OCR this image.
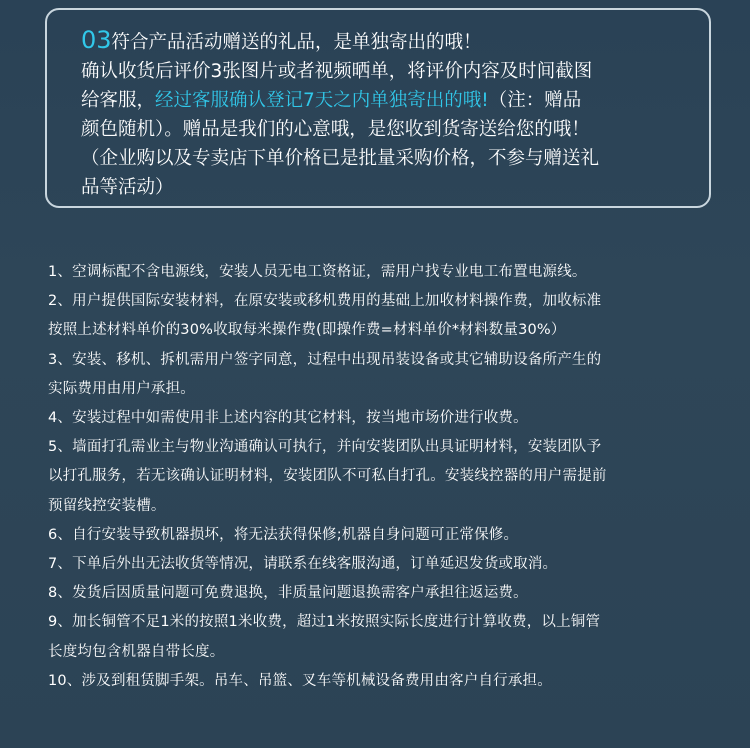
03符合产品活动赠送的礼品，是单独寄出的哦！
确认收货后评价3张图片或者视频晒单，将评价内容及时间截图
给客服，经过客服确认登记7天之内单独寄出的哦!（注：赠品
颜色随机）。赠品是我们的心意哦，是您收到货寄送给您的哦！
（企业购以及专卖店下单价格已是批量采购价格，不参与赠送礼
品等活动）
1、空调标配不含电源线，安装人员无电工资格证，需用户找专业电工布置电源线。
2、用户提供国际安装材料，在原安装或移机费用的基础上加收材料操作费，加收标准
按照上述材料单价的30%收取每米操作费(即操作费=材料单价*材料数量30%）
3、安装、移机、拆机需用户签字同意，过程中出现吊装设备或其它辅助设备所产生的
实际费用由用户承担。
4、安装过程中如需使用非上述内容的其它材料，按当地市场价进行收费。
5、墙面打孔需业主与物业沟通确认可执行，并向安装团队出具证明材料，安装团队予
以打孔服务，若无该确认证明材料，安装团队不可私自打孔。安装线控器的用户需提前
预留线控安装槽。
6、自行安装导致机器损坏，将无法获得保修;机器自身问题可正常保修。
7、下单后外出无法收货等情况，请联系在线客服沟通，订单延迟发货或取消。
8、发货后因质量问题可免费退换，非质量问题退换需客户承担往返运费。
9、加长铜管不足1米的按照1米收费，超过1米按照实际长度进行计算收费，以上铜管
长度均包含机器自带长度。
10、涉及到租赁脚手架。吊车、吊篮、叉车等机械设备费用由客户自行承担。
